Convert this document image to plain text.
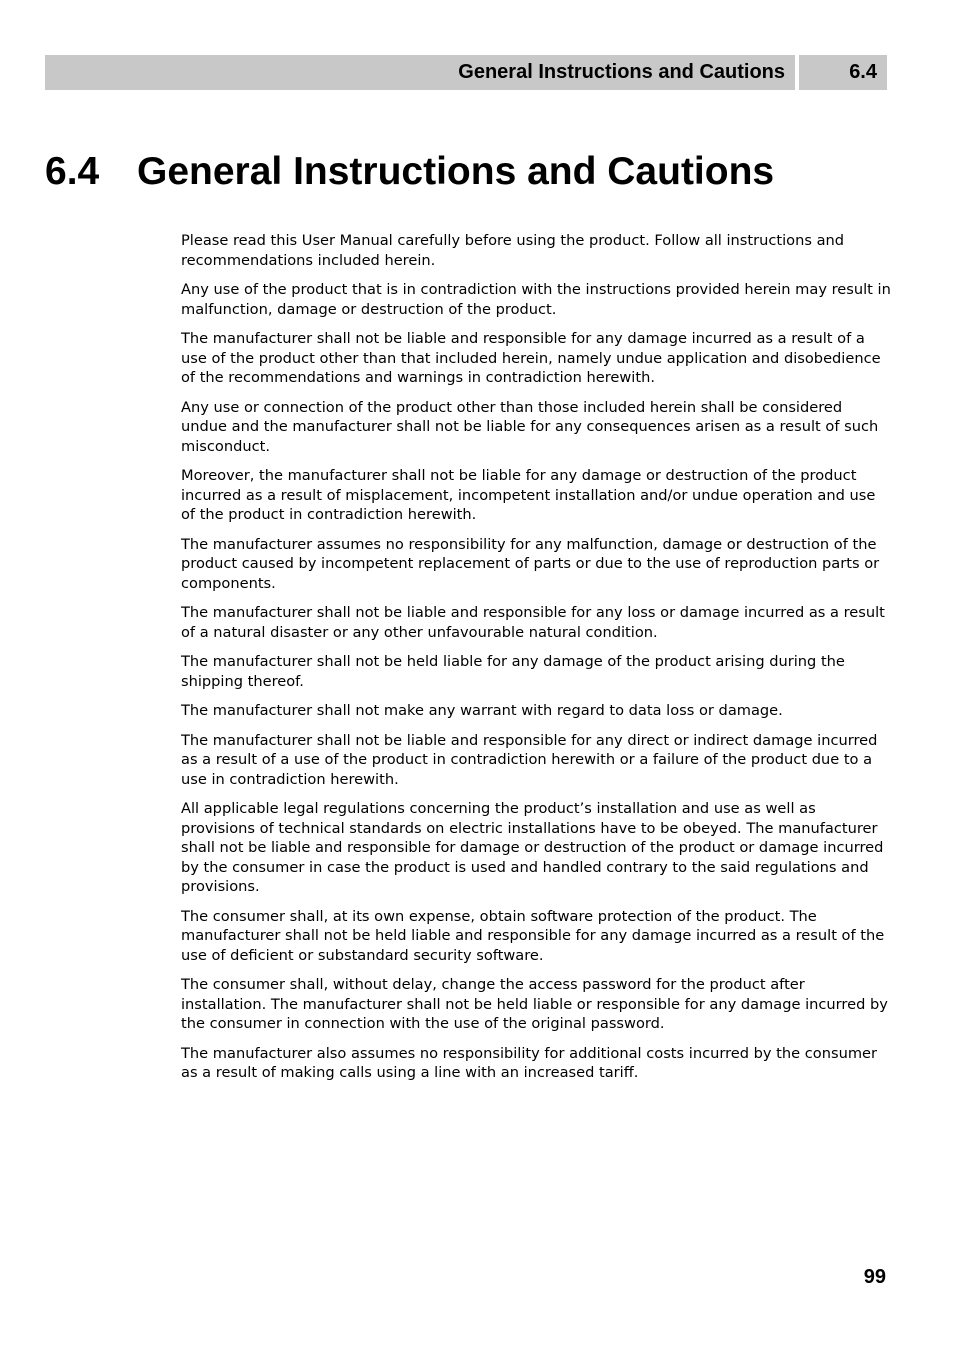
General Instructions and Cautions	6.4
6.4 General Instructions and Cautions

Please read this User Manual carefully before using the product. Follow all instructions and recommendations included herein.

Any use of the product that is in contradiction with the instructions provided herein may result in malfunction, damage or destruction of the product.

The manufacturer shall not be liable and responsible for any damage incurred as a result of a use of the product other than that included herein, namely undue application and disobedience of the recommendations and warnings in contradiction herewith.

Any use or connection of the product other than those included herein shall be considered undue and the manufacturer shall not be liable for any consequences arisen as a result of such misconduct.

Moreover, the manufacturer shall not be liable for any damage or destruction of the product incurred as a result of misplacement, incompetent installation and/or undue operation and use of the product in contradiction herewith.

The manufacturer assumes no responsibility for any malfunction, damage or destruction of the product caused by incompetent replacement of parts or due to the use of reproduction parts or components.

The manufacturer shall not be liable and responsible for any loss or damage incurred as a result of a natural disaster or any other unfavourable natural condition.

The manufacturer shall not be held liable for any damage of the product arising during the shipping thereof.

The manufacturer shall not make any warrant with regard to data loss or damage.

The manufacturer shall not be liable and responsible for any direct or indirect damage incurred as a result of a use of the product in contradiction herewith or a failure of the product due to a use in contradiction herewith.

All applicable legal regulations concerning the product’s installation and use as well as provisions of technical standards on electric installations have to be obeyed. The manufacturer shall not be liable and responsible for damage or destruction of the product or damage incurred by the consumer in case the product is used and handled contrary to the said regulations and provisions.

The consumer shall, at its own expense, obtain software protection of the product. The manufacturer shall not be held liable and responsible for any damage incurred as a result of the use of deficient or substandard security software.

The consumer shall, without delay, change the access password for the product after installation. The manufacturer shall not be held liable or responsible for any damage incurred by the consumer in connection with the use of the original password.

The manufacturer also assumes no responsibility for additional costs incurred by the consumer as a result of making calls using a line with an increased tariff.

99
